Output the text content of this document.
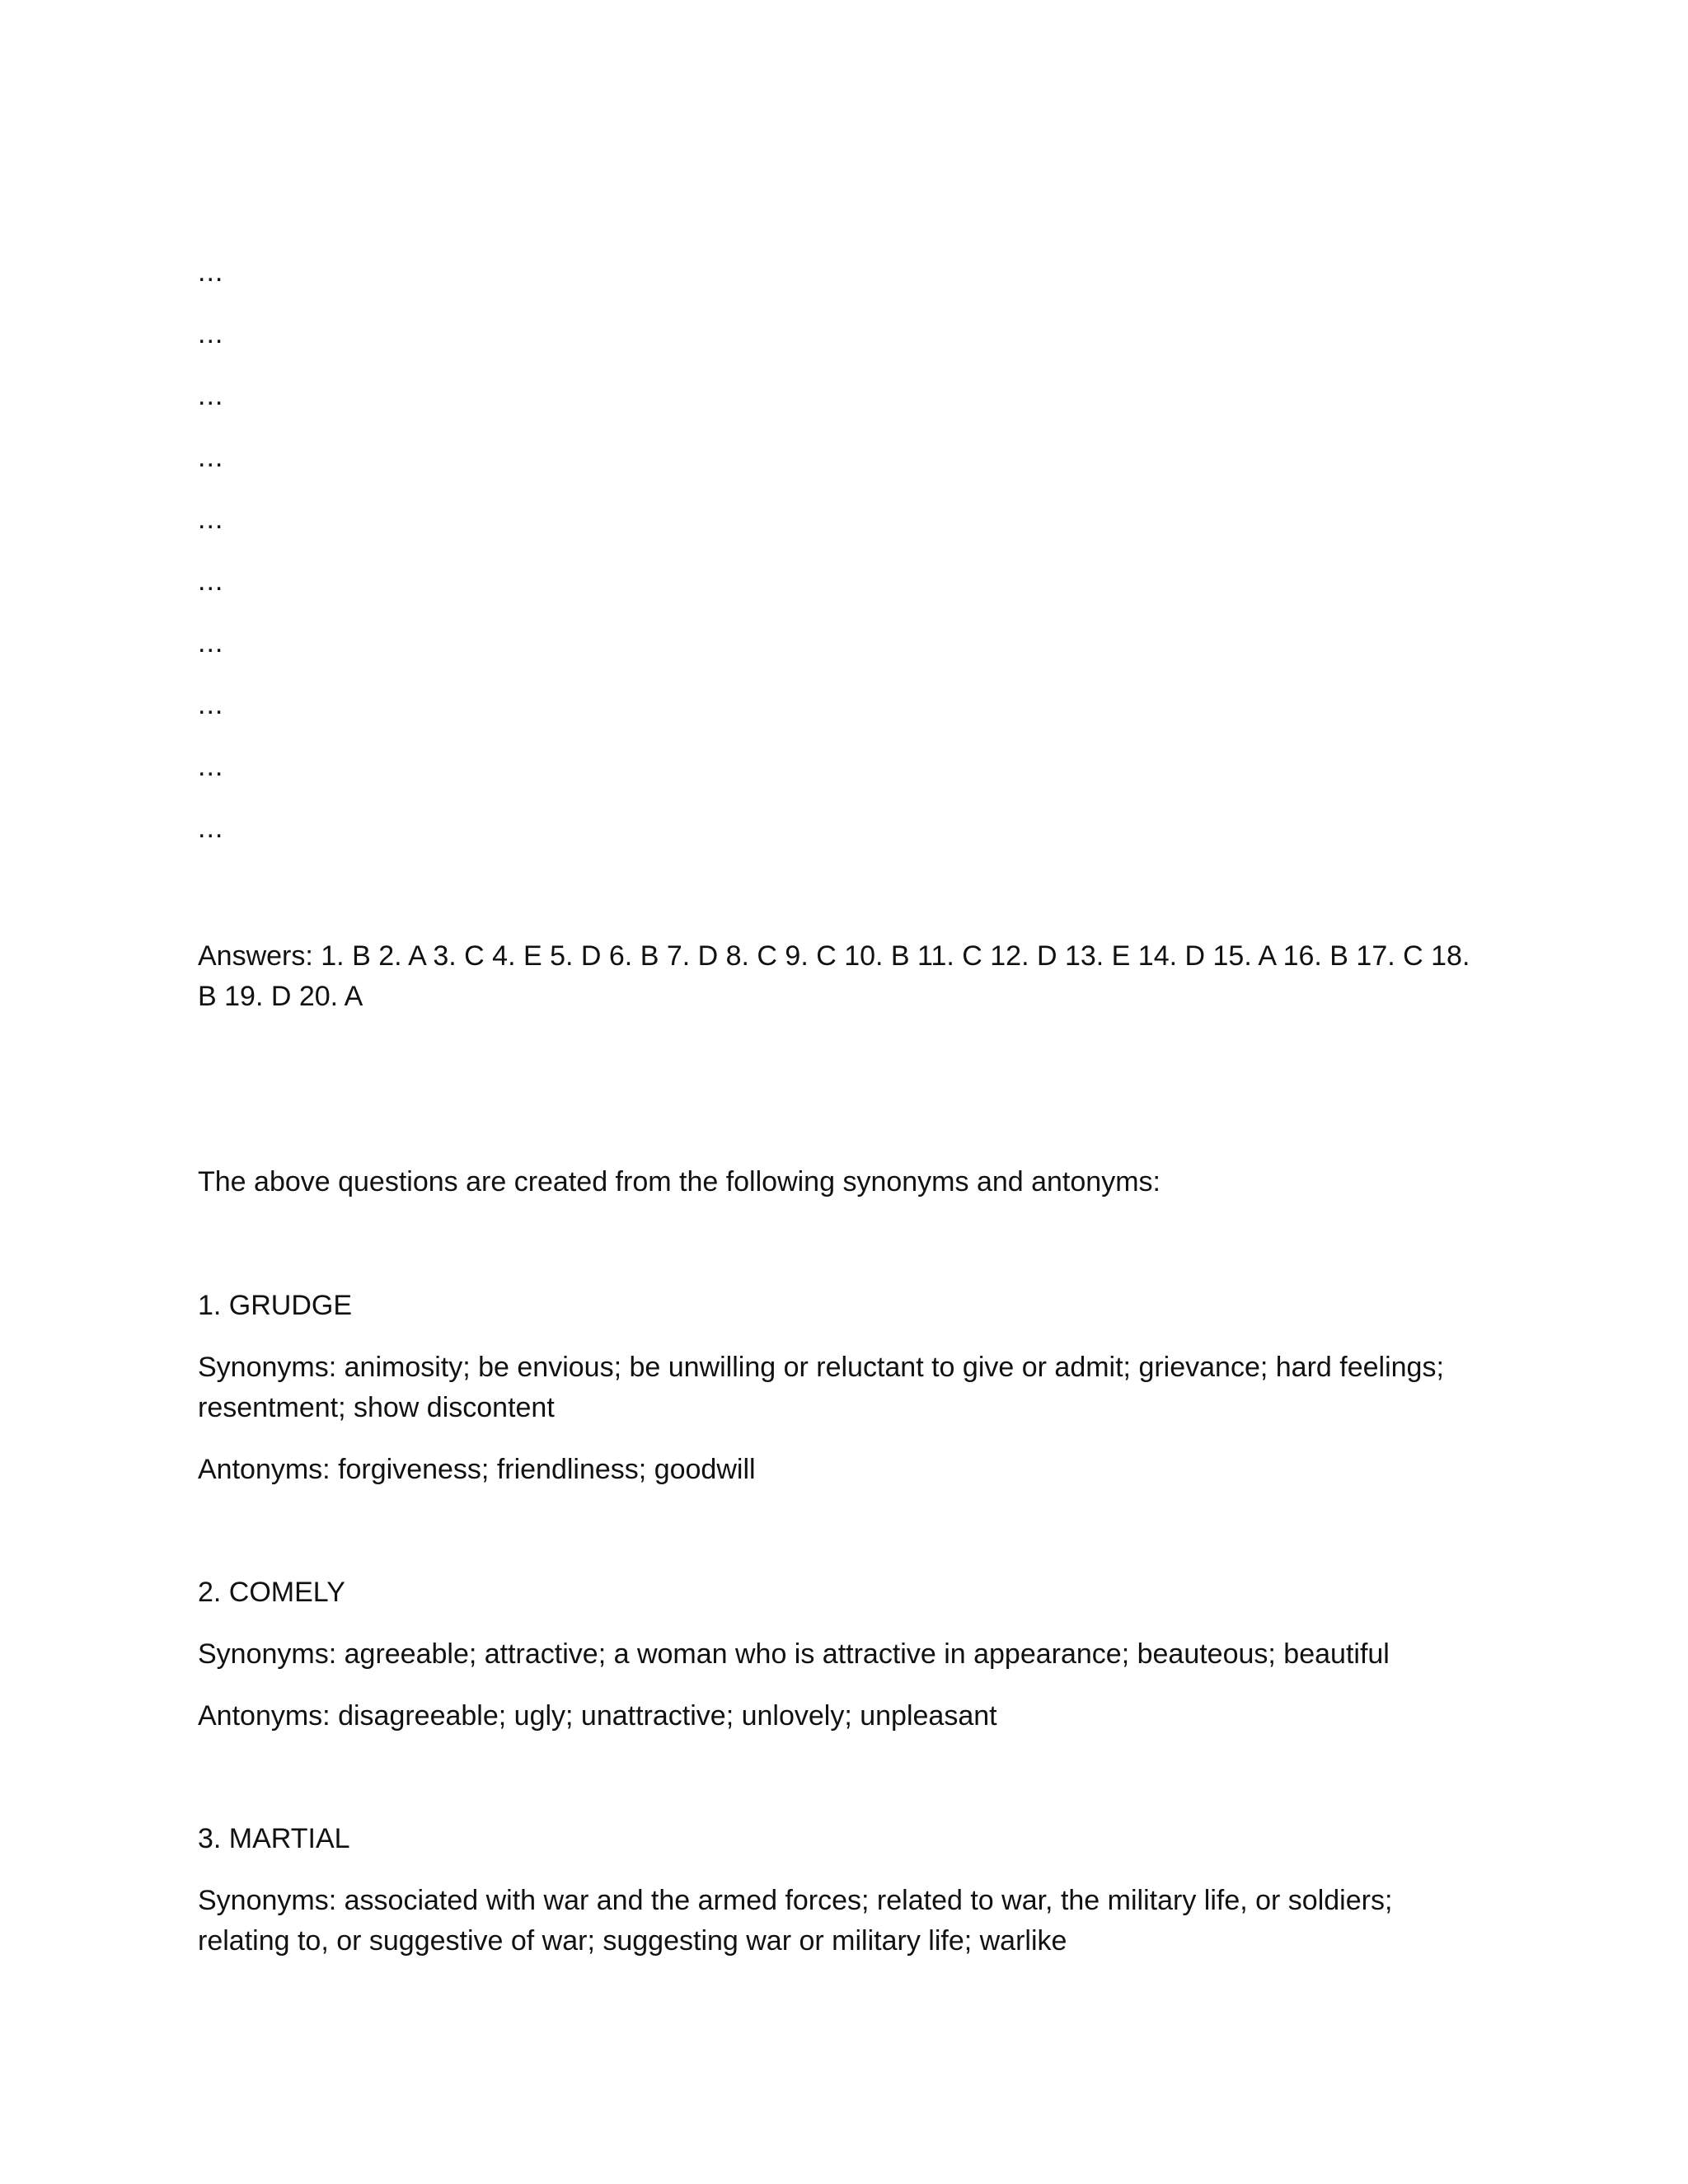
...
...
...
...
...
...
...
...
...
...

Answers: 1. B 2. A 3. C 4. E 5. D 6. B 7. D 8. C 9. C 10. B 11. C 12. D 13. E 14. D 15. A 16. B 17. C 18. B 19. D 20. A

The above questions are created from the following synonyms and antonyms:

1. GRUDGE

Synonyms: animosity; be envious; be unwilling or reluctant to give or admit; grievance; hard feelings; resentment; show discontent

Antonyms: forgiveness; friendliness; goodwill

2. COMELY

Synonyms: agreeable; attractive; a woman who is attractive in appearance; beauteous; beautiful

Antonyms: disagreeable; ugly; unattractive; unlovely; unpleasant

3. MARTIAL

Synonyms: associated with war and the armed forces; related to war, the military life, or soldiers; relating to, or suggestive of war; suggesting war or military life; warlike
